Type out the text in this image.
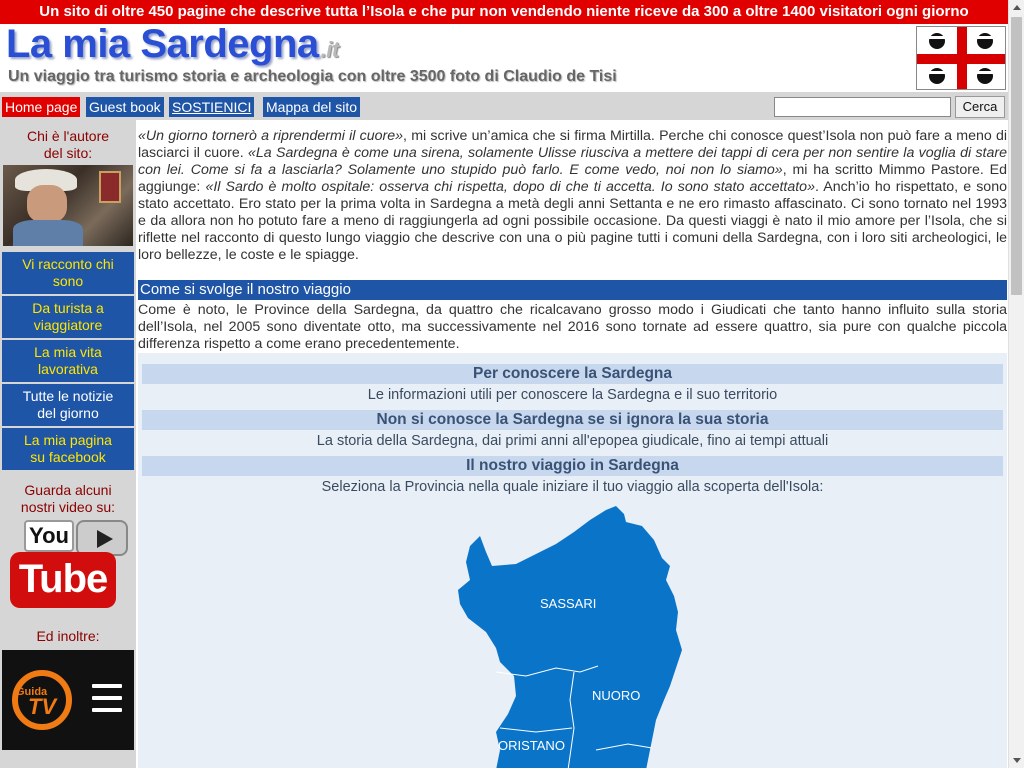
Un sito di oltre 450 pagine che descrive tutta l’Isola e che pur non vendendo niente riceve da 300 a oltre 1400 visitatori ogni giorno
La mia Sardegna.it
Un viaggio tra turismo storia e archeologia con oltre 3500 foto di Claudio de Tisi
Home page Guest book SOSTIENICI Mappa del sito	Cerca
Chi è l'autore del sito:
Vi racconto chi sono
Da turista a viaggiatore
La mia vita lavorativa
Tutte le notizie del giorno
La mia pagina su facebook
Guarda alcuni nostri video su:
You
Tube
Ed inoltre:
Guida
TV
«Un giorno tornerò a riprendermi il cuore», mi scrive un’amica che si firma Mirtilla. Perche chi conosce quest’Isola non può fare a meno di lasciarci il cuore. «La Sardegna è come una sirena, solamente Ulisse riusciva a mettere dei tappi di cera per non sentire la voglia di stare con lei. Come si fa a lasciarla? Solamente uno stupido può farlo. E come vedo, noi non lo siamo», mi ha scritto Mimmo Pastore. Ed aggiunge: «Il Sardo è molto ospitale: osserva chi rispetta, dopo di che ti accetta. Io sono stato accettato». Anch’io ho rispettato, e sono stato accettato. Ero stato per la prima volta in Sardegna a metà degli anni Settanta e ne ero rimasto affascinato. Ci sono tornato nel 1993 e da allora non ho potuto fare a meno di raggiungerla ad ogni possibile occasione. Da questi viaggi è nato il mio amore per l’Isola, che si riflette nel racconto di questo lungo viaggio che descrive con una o più pagine tutti i comuni della Sardegna, con i loro siti archeologici, le loro bellezze, le coste e le spiagge.
Come si svolge il nostro viaggio
Come è noto, le Province della Sardegna, da quattro che ricalcavano grosso modo i Giudicati che tanto hanno influito sulla storia dell’Isola, nel 2005 sono diventate otto, ma successivamente nel 2016 sono tornate ad essere quattro, sia pure con qualche piccola differenza rispetto a come erano precedentemente.
Per conoscere la Sardegna
Le informazioni utili per conoscere la Sardegna e il suo territorio
Non si conosce la Sardegna se si ignora la sua storia
La storia della Sardegna, dai primi anni all'epopea giudicale, fino ai tempi attuali
Il nostro viaggio in Sardegna
Seleziona la Provincia nella quale iniziare il tuo viaggio alla scoperta dell'Isola:
SASSARI
NUORO
ORISTANO
